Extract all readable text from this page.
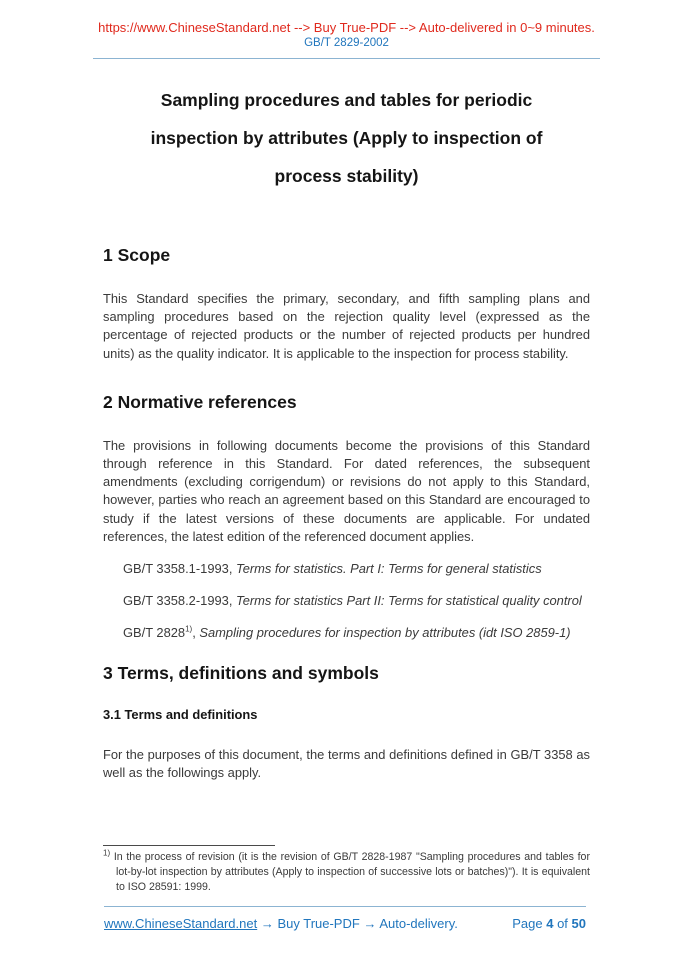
https://www.ChineseStandard.net --> Buy True-PDF --> Auto-delivered in 0~9 minutes.
GB/T 2829-2002
Sampling procedures and tables for periodic
inspection by attributes (Apply to inspection of
process stability)
1 Scope

This Standard specifies the primary, secondary, and fifth sampling plans and sampling procedures based on the rejection quality level (expressed as the percentage of rejected products or the number of rejected products per hundred units) as the quality indicator. It is applicable to the inspection for process stability.

2 Normative references

The provisions in following documents become the provisions of this Standard through reference in this Standard. For dated references, the subsequent amendments (excluding corrigendum) or revisions do not apply to this Standard, however, parties who reach an agreement based on this Standard are encouraged to study if the latest versions of these documents are applicable. For undated references, the latest edition of the referenced document applies.

GB/T 3358.1-1993, Terms for statistics. Part I: Terms for general statistics

GB/T 3358.2-1993, Terms for statistics Part II: Terms for statistical quality control

GB/T 2828$^{1)}$, Sampling procedures for inspection by attributes (idt ISO 2859-1)

3 Terms, definitions and symbols
3.1 Terms and definitions

For the purposes of this document, the terms and definitions defined in GB/T 3358 as well as the followings apply.

$^{1)}$ In the process of revision (it is the revision of GB/T 2828-1987 "Sampling procedures and tables for lot-by-lot inspection by attributes (Apply to inspection of successive lots or batches)"). It is equivalent to ISO 28591: 1999.
www.ChineseStandard.net → Buy True-PDF → Auto-delivery.	Page 4 of 50
